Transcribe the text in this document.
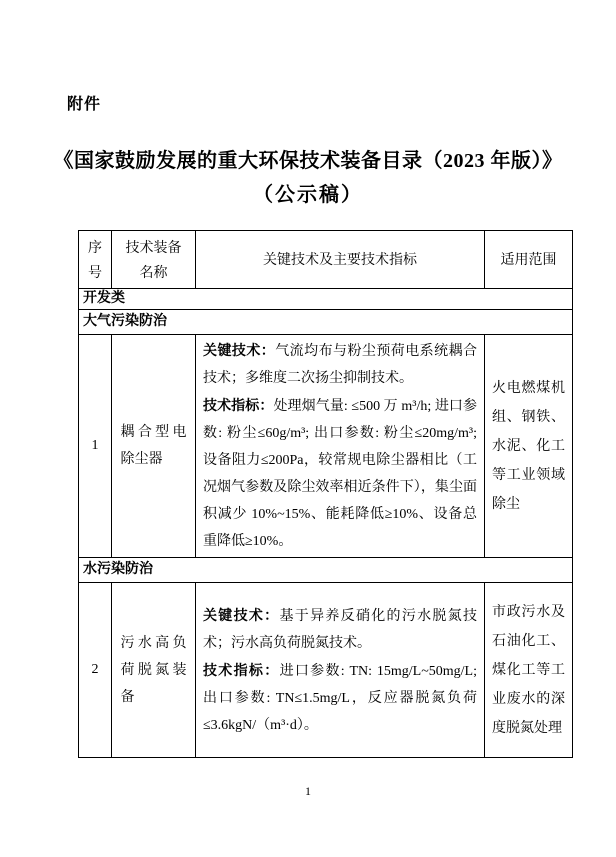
附件
《国家鼓励发展的重大环保技术装备目录（2023 年版）》
（公示稿）
序号	技术装备名称	关键技术及主要技术指标	适用范围
开发类			
大气污染防治			
1	耦合型电除尘器	关键技术：气流均布与粉尘预荷电系统耦合技术；多维度二次扬尘抑制技术。

技术指标：处理烟气量: ≤500 万 m³/h; 进口参数: 粉尘≤60g/m³; 出口参数: 粉尘≤20mg/m³; 设备阻力≤200Pa，较常规电除尘器相比（工况烟气参数及除尘效率相近条件下），集尘面积减少 10%~15%、能耗降低≥10%、设备总重降低≥10%。	火电燃煤机组、钢铁、水泥、化工等工业领域除尘

水污染防治			
2	污水高负荷脱氮装备	关键技术：基于异养反硝化的污水脱氮技术；污水高负荷脱氮技术。

技术指标：进口参数: TN: 15mg/L~50mg/L; 出口参数: TN≤1.5mg/L，反应器脱氮负荷≤3.6kgN/（m³·d）。	市政污水及石油化工、煤化工等工业废水的深度脱氮处理
1
